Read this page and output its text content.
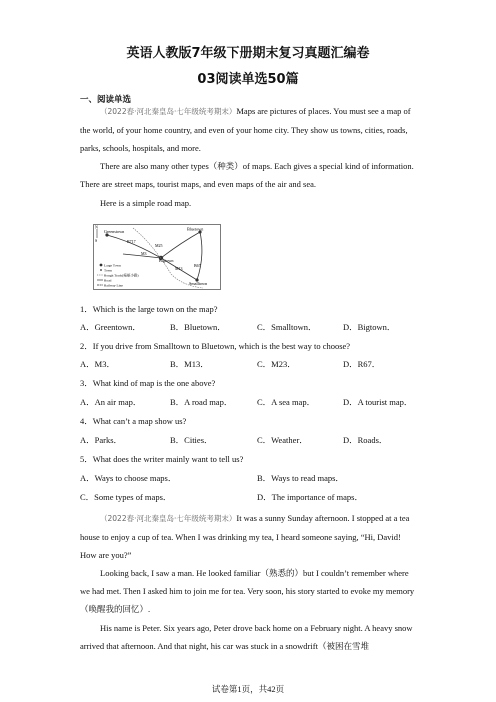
英语人教版7年级下册期末复习真题汇编卷
03阅读单选50篇
一、阅读单选

（2022春·河北秦皇岛·七年级统考期末）Maps are pictures of places. You must see a map of the world, of your home country, and even of your home city. They show us towns, cities, roads, parks, schools, hospitals, and more.

There are also many other types（种类）of maps. Each gives a special kind of information. There are street maps, tourist maps, and even maps of the air and sea.

Here is a simple road map.

N
S
Greenstown	Bluetown
Bigtown
Smalltown
B717
M25
M3
M13
B67
Large Town
Town
Rough Track(崎岖小路)
Road
Railway Line
1．Which is the large town on the map?
A．Greentown．	B．Bluetown．	C．Smalltown．	D．Bigtown．
2．If you drive from Smalltown to Bluetown, which is the best way to choose?
A．M3．	B．M13．	C．M23．	D．R67．
3．What kind of map is the one above?
A．An air map．	B．A road map．	C．A sea map．	D．A tourist map．
4．What can’t a map show us?
A．Parks．	B．Cities．	C．Weather．	D．Roads．
5．What does the writer mainly want to tell us?
A．Ways to choose maps．	B．Ways to read maps．
C．Some types of maps．	D．The importance of maps．

（2022春·河北秦皇岛·七年级统考期末）It was a sunny Sunday afternoon. I stopped at a tea house to enjoy a cup of tea. When I was drinking my tea, I heard someone saying, “Hi, David! How are you?”

Looking back, I saw a man. He looked familiar（熟悉的）but I couldn’t remember where we had met. Then I asked him to join me for tea. Very soon, his story started to evoke my memory（唤醒我的回忆）.

His name is Peter. Six years ago, Peter drove back home on a February night. A heavy snow arrived that afternoon. And that night, his car was stuck in a snowdrift（被困在雪堆

试卷第1页，共42页
